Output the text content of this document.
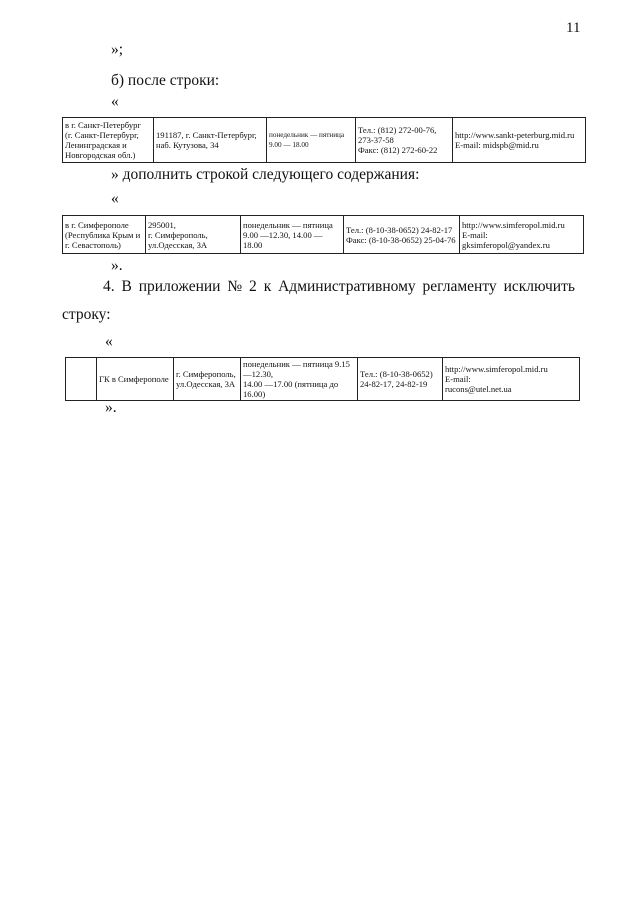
11
»;
б) после строки:
«
в г. Санкт-Петербург
(г. Санкт-Петербург,
Ленинградская и
Новгородская обл.)	191187, г. Санкт-Петербург,
наб. Кутузова, 34	понедельник — пятница
9.00 — 18.00	Тел.: (812) 272-00-76,
273-37-58
Факс: (812) 272-60-22	http://www.sankt-peterburg.mid.ru
E-mail: midspb@mid.ru
» дополнить строкой следующего содержания:
«
в г. Симферополе
(Республика Крым и
г. Севастополь)	295001,
г. Симферополь,
ул.Одесская, 3А	понедельник — пятница
9.00 —12.30, 14.00 —18.00	Тел.: (8-10-38-0652) 24-82-17
Факс: (8-10-38-0652) 25-04-76	http://www.simferopol.mid.ru
E-mail:
gksimferopol@yandex.ru
».
4. В приложении № 2 к Административному регламенту исключить
строку:
«
	ГК в Симферополе	г. Симферополь,
ул.Одесская, 3А	понедельник — пятница 9.15 —12.30,
14.00 —17.00 (пятница до 16.00)	Тел.: (8-10-38-0652)
24-82-17, 24-82-19	http://www.simferopol.mid.ru
E-mail:
rucons@utel.net.ua
».
